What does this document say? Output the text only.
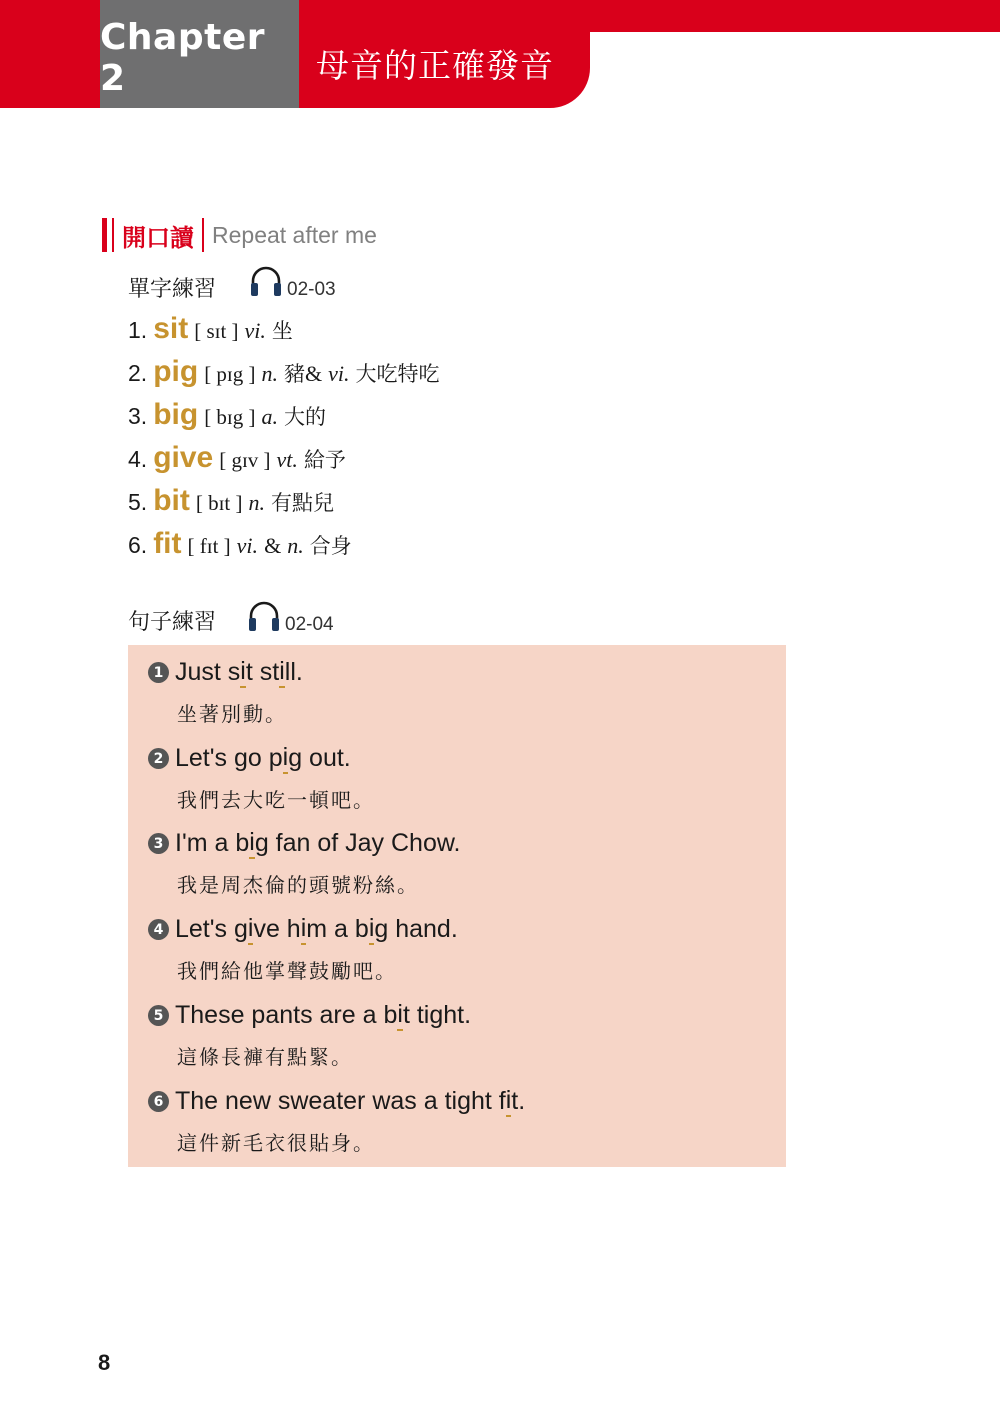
Chapter 2	母音的正確發音
開口讀 Repeat after me
單字練習	02-03
1. sit [ sɪt ] vi. 坐
2. pig [ pɪg ] n. 豬 & vi. 大吃特吃
3. big [ bɪg ] a. 大的
4. give [ gɪv ] vt. 給予
5. bit [ bɪt ] n. 有點兒
6. fit [ fɪt ] vi. & n. 合身
句子練習	02-04
1 Just s i t st i ll.
坐著別動。
2 Let's go p i g out.
我們去大吃一頓吧。
3 I'm a b i g fan of Jay Chow.
我是周杰倫的頭號粉絲。
4 Let's g i ve h i m a b i g hand.
我們給他掌聲鼓勵吧。
5 These pants are a b i t tight.
這條長褲有點緊。
6 The new sweater was a tight f i t.
這件新毛衣很貼身。
8
